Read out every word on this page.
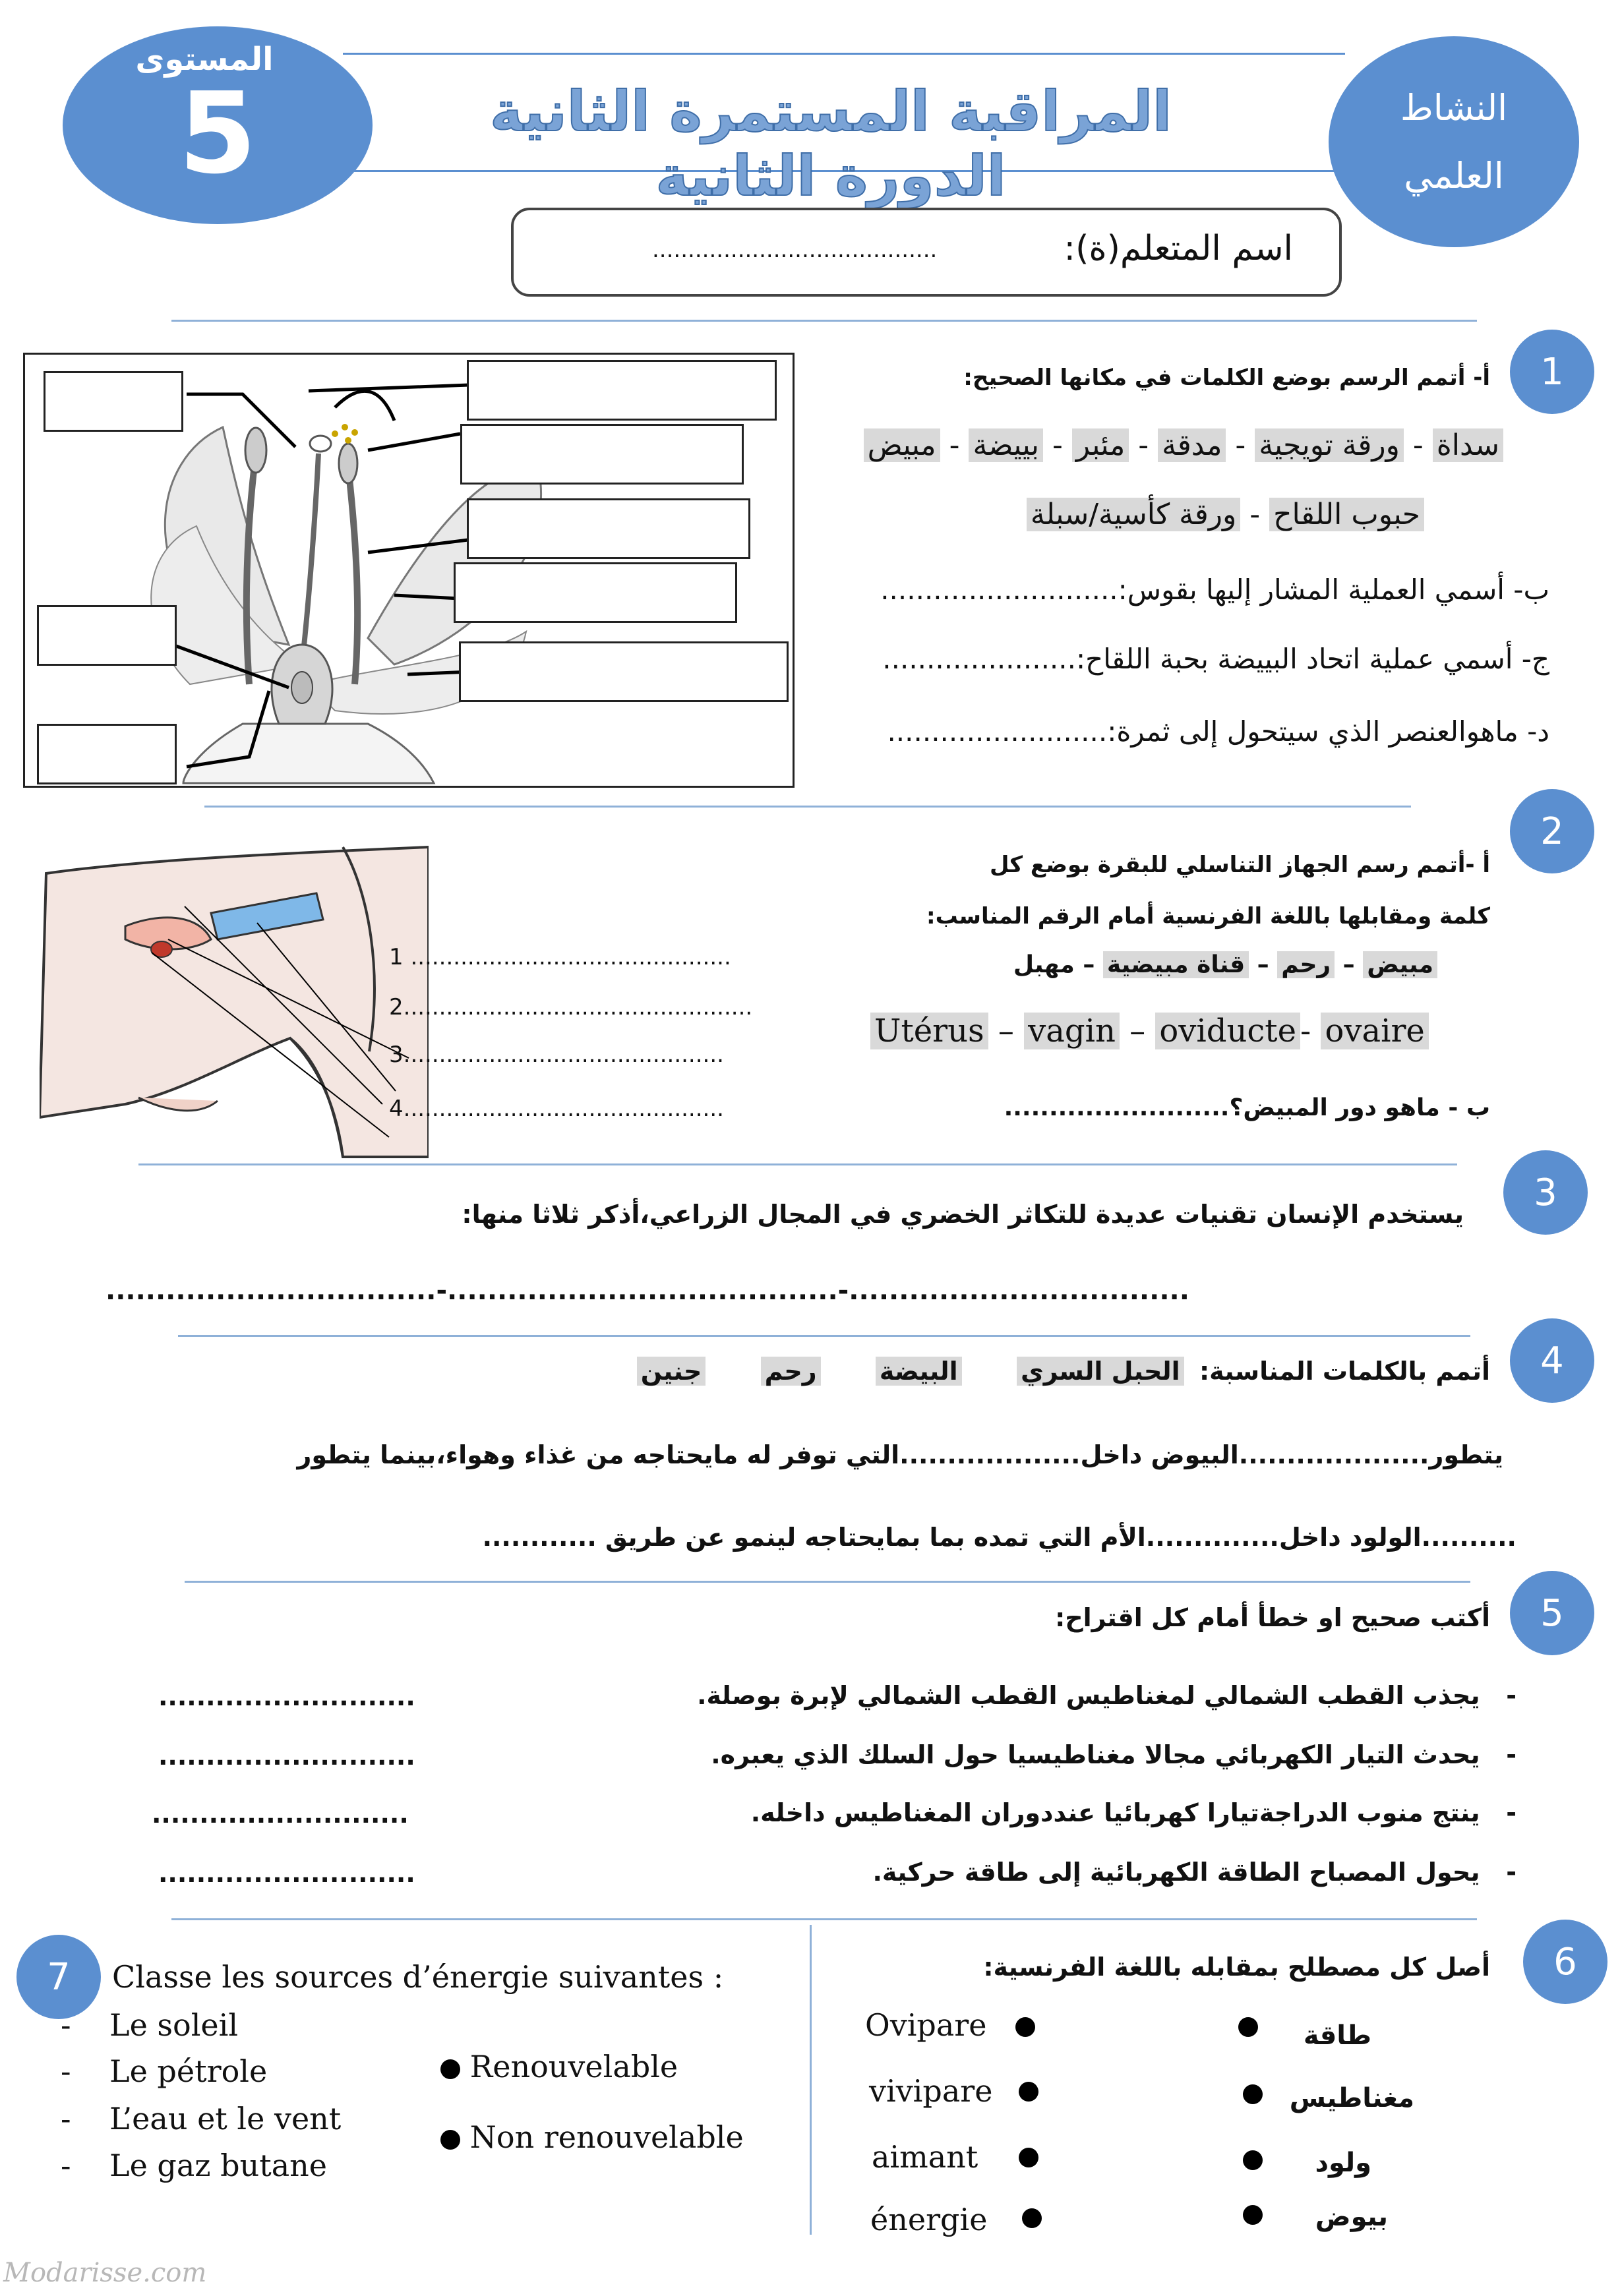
المستوى
5	المراقبة المستمرة الثانية الدورة الثانية
النشاط
العلمي
اسم المتعلم(ة):
........................................
1
أ- أتمم الرسم بوضع الكلمات في مكانها الصحيح:
سداة - ورقة تويجية - مدقة - مئبر - بييضة - مبيض
حبوب اللقاح - ورقة كأسية/سبلة
ب- أسمي العملية المشار إليها بقوس:...........................
ج- أسمي عملية اتحاد البييضة بحبة اللقاح:......................
د- ماهوالعنصر الذي سيتحول إلى ثمرة:.........................
2
1 .............................................
2.................................................
3.............................................
4.............................................
أ -أتمم رسم الجهاز التناسلي للبقرة بوضع كل
كلمة ومقابلها باللغة الفرنسية أمام الرقم المناسب:
مبيض – رحم – قناة مبيضية – مهبل
Utérus – vagin – oviducte - ovaire
ب - ماهو دور المبيض؟.........................
3
يستخدم الإنسان تقنيات عديدة للتكاثر الخضري في المجال الزراعي،أذكر ثلاثا منها:
.................................-.......................................-..................................
4
أتمم بالكلمات المناسبة: الحبل السري البيضة رحم جنين
يتطور....................البيوض داخل...................التي توفر له مايحتاجه من غذاء وهواء،بينما يتطور
..........الولود داخل..............الأم التي تمده بما بمايحتاجه لينمو عن طريق ............
5
أكتب صحيح او خطأ أمام كل اقتراح:
-   يجذب القطب الشمالي لمغناطيس القطب الشمالي لإبرة بوصلة.
...........................
-   يحدث التيار الكهربائي مجالا مغناطيسيا حول السلك الذي يعبره.
...........................
-   ينتج منوب الدراجةتيارا كهربائيا عنددوران المغناطيس داخله.
...........................
-   يحول المصباح الطاقة الكهربائية إلى طاقة حركية.
...........................
6
أصل كل مصطلح بمقابله باللغة الفرنسية:
Ovipare
vivipare
aimant
énergie
طاقة
مغناطيس
ولود
بيوض
7	Classe les sources d’énergie suivantes :
-    Le soleil
-    Le pétrole
-    L’eau et le vent
-    Le gaz butane
Renouvelable
Non renouvelable
Modarisse.com
